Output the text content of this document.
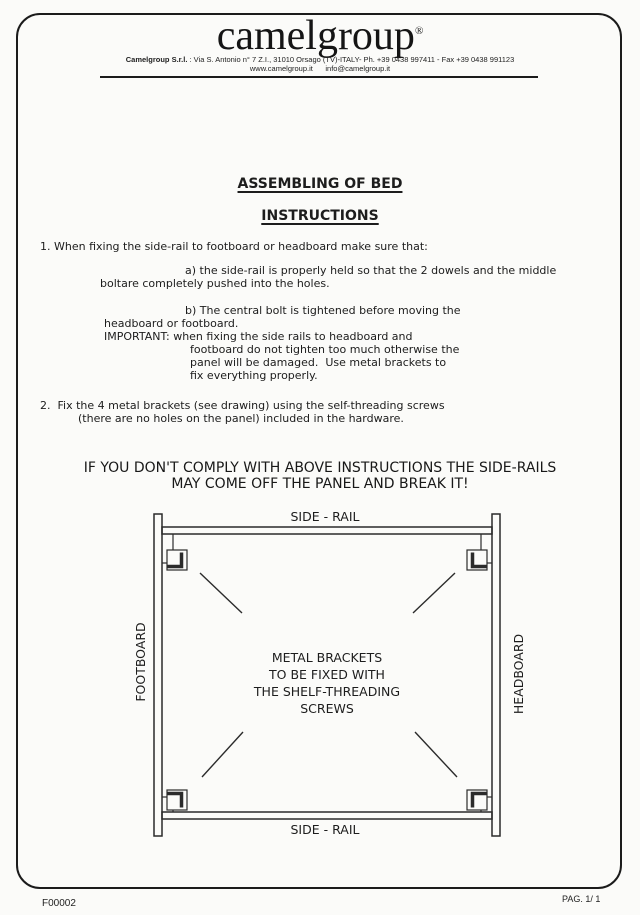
camelgroup®
Camelgroup S.r.l. : Via S. Antonio n° 7 Z.I., 31010 Orsago (TV)-ITALY- Ph. +39 0438 997411 - Fax +39 0438 991123
www.camelgroup.it info@camelgroup.it
ASSEMBLING OF BED
INSTRUCTIONS
1. When fixing the side-rail to footboard or headboard make sure that:
a) the side-rail is properly held so that the 2 dowels and the middle
boltare completely pushed into the holes.
b) The central bolt is tightened before moving the
headboard or footboard.
IMPORTANT: when fixing the side rails to headboard and
footboard do not tighten too much otherwise the
panel will be damaged.  Use metal brackets to
fix everything properly.
2.  Fix the 4 metal brackets (see drawing) using the self-threading screws
(there are no holes on the panel) included in the hardware.
IF YOU DON'T COMPLY WITH ABOVE INSTRUCTIONS THE SIDE-RAILS
MAY COME OFF THE PANEL AND BREAK IT!
SIDE - RAIL
SIDE - RAIL
FOOTBOARD	HEADBOARD
METAL BRACKETS
TO BE FIXED WITH
THE SHELF-THREADING
SCREWS
F00002	PAG. 1/ 1
